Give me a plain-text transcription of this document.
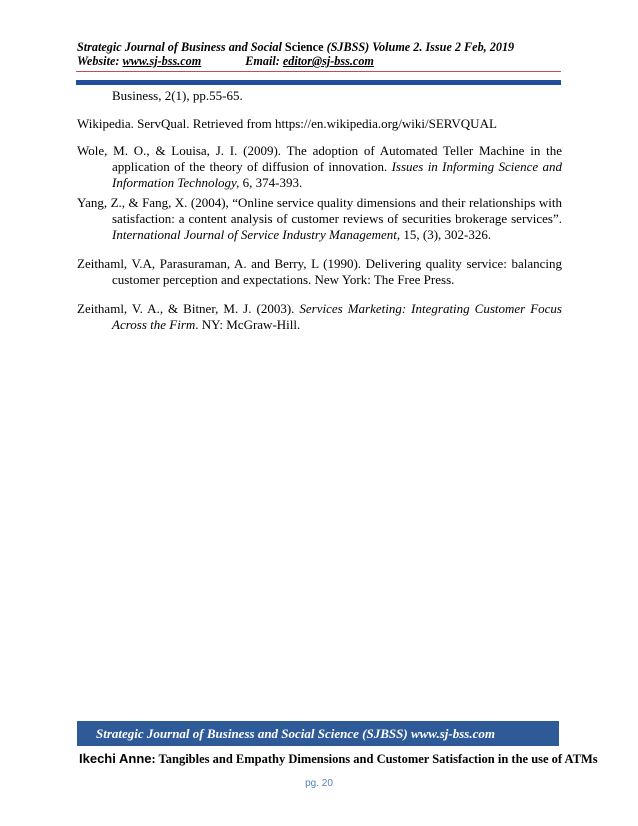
Strategic Journal of Business and Social Science (SJBSS) Volume 2. Issue 2 Feb, 2019
Website: www.sj-bss.com	Email: editor@sj-bss.com

Business, 2(1), pp.55-65.

Wikipedia. ServQual. Retrieved from https://en.wikipedia.org/wiki/SERVQUAL

Wole, M. O., & Louisa, J. I. (2009). The adoption of Automated Teller Machine in the application of the theory of diffusion of innovation. Issues in Informing Science and Information Technology, 6, 374-393.

Yang, Z., & Fang, X. (2004), “Online service quality dimensions and their relationships with satisfaction: a content analysis of customer reviews of securities brokerage services”. International Journal of Service Industry Management, 15, (3), 302-326.

Zeithaml, V.A, Parasuraman, A. and Berry, L (1990). Delivering quality service: balancing customer perception and expectations. New York: The Free Press.

Zeithaml, V. A., & Bitner, M. J. (2003). Services Marketing: Integrating Customer Focus Across the Firm. NY: McGraw-Hill.

Strategic Journal of Business and Social Science (SJBSS) www.sj-bss.com
Ikechi Anne: Tangibles and Empathy Dimensions and Customer Satisfaction in the use of ATMs
pg. 20
